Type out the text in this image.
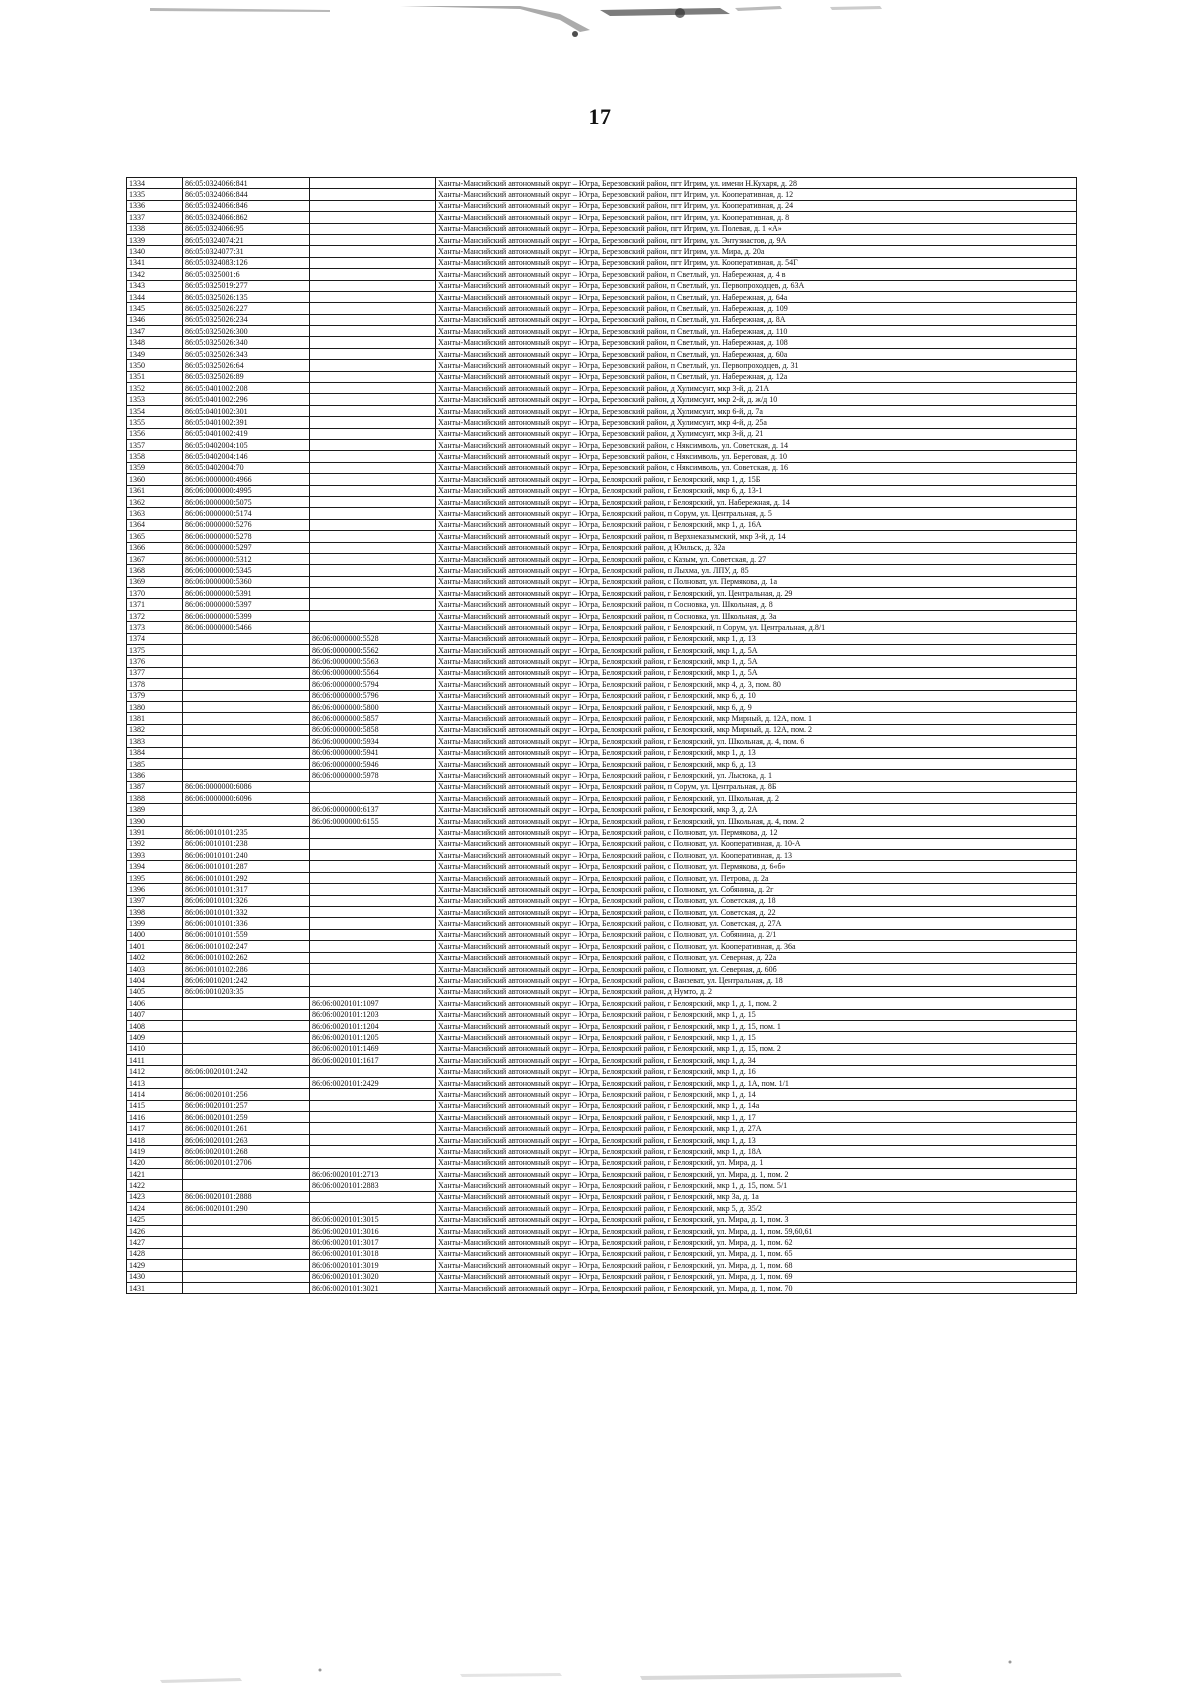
17
1334	86:05:0324066:841		Ханты-Мансийский автономный округ – Югра, Березовский район, пгт Игрим, ул. имени Н.Кухаря, д. 28
1335	86:05:0324066:844		Ханты-Мансийский автономный округ – Югра, Березовский район, пгт Игрим, ул. Кооперативная, д. 12
1336	86:05:0324066:846		Ханты-Мансийский автономный округ – Югра, Березовский район, пгт Игрим, ул. Кооперативная, д. 24
1337	86:05:0324066:862		Ханты-Мансийский автономный округ – Югра, Березовский район, пгт Игрим, ул. Кооперативная, д. 8
1338	86:05:0324066:95		Ханты-Мансийский автономный округ – Югра, Березовский район, пгт Игрим, ул. Полевая, д. 1 «А»
1339	86:05:0324074:21		Ханты-Мансийский автономный округ – Югра, Березовский район, пгт Игрим, ул. Энтузиастов, д. 9А
1340	86:05:0324077:31		Ханты-Мансийский автономный округ – Югра, Березовский район, пгт Игрим, ул. Мира, д. 20а
1341	86:05:0324083:126		Ханты-Мансийский автономный округ – Югра, Березовский район, пгт Игрим, ул. Кооперативная, д. 54Г
1342	86:05:0325001:6		Ханты-Мансийский автономный округ – Югра, Березовский район, п Светлый, ул. Набережная, д. 4 в
1343	86:05:0325019:277		Ханты-Мансийский автономный округ – Югра, Березовский район, п Светлый, ул. Первопроходцев, д. 63А
1344	86:05:0325026:135		Ханты-Мансийский автономный округ – Югра, Березовский район, п Светлый, ул. Набережная, д. 64а
1345	86:05:0325026:227		Ханты-Мансийский автономный округ – Югра, Березовский район, п Светлый, ул. Набережная, д. 109
1346	86:05:0325026:234		Ханты-Мансийский автономный округ – Югра, Березовский район, п Светлый, ул. Набережная, д. 8А
1347	86:05:0325026:300		Ханты-Мансийский автономный округ – Югра, Березовский район, п Светлый, ул. Набережная, д. 110
1348	86:05:0325026:340		Ханты-Мансийский автономный округ – Югра, Березовский район, п Светлый, ул. Набережная, д. 108
1349	86:05:0325026:343		Ханты-Мансийский автономный округ – Югра, Березовский район, п Светлый, ул. Набережная, д. 60а
1350	86:05:0325026:64		Ханты-Мансийский автономный округ – Югра, Березовский район, п Светлый, ул. Первопроходцев, д. 31
1351	86:05:0325026:89		Ханты-Мансийский автономный округ – Югра, Березовский район, п Светлый, ул. Набережная, д. 12а
1352	86:05:0401002:208		Ханты-Мансийский автономный округ – Югра, Березовский район, д Хулимсунт, мкр 3-й, д. 21А
1353	86:05:0401002:296		Ханты-Мансийский автономный округ – Югра, Березовский район, д Хулимсунт, мкр 2-й, д. ж/д 10
1354	86:05:0401002:301		Ханты-Мансийский автономный округ – Югра, Березовский район, д Хулимсунт, мкр 6-й, д. 7а
1355	86:05:0401002:391		Ханты-Мансийский автономный округ – Югра, Березовский район, д Хулимсунт, мкр 4-й, д. 25а
1356	86:05:0401002:419		Ханты-Мансийский автономный округ – Югра, Березовский район, д Хулимсунт, мкр 3-й, д. 21
1357	86:05:0402004:105		Ханты-Мансийский автономный округ – Югра, Березовский район, с Няксимволь, ул. Советская, д. 14
1358	86:05:0402004:146		Ханты-Мансийский автономный округ – Югра, Березовский район, с Няксимволь, ул. Береговая, д. 10
1359	86:05:0402004:70		Ханты-Мансийский автономный округ – Югра, Березовский район, с Няксимволь, ул. Советская, д. 16
1360	86:06:0000000:4966		Ханты-Мансийский автономный округ – Югра, Белоярский район, г Белоярский, мкр 1, д. 15Б
1361	86:06:0000000:4995		Ханты-Мансийский автономный округ – Югра, Белоярский район, г Белоярский, мкр 6, д. 13-1
1362	86:06:0000000:5075		Ханты-Мансийский автономный округ – Югра, Белоярский район, г Белоярский, ул. Набережная, д. 14
1363	86:06:0000000:5174		Ханты-Мансийский автономный округ – Югра, Белоярский район, п Сорум, ул. Центральная, д. 5
1364	86:06:0000000:5276		Ханты-Мансийский автономный округ – Югра, Белоярский район, г Белоярский, мкр 1, д. 16А
1365	86:06:0000000:5278		Ханты-Мансийский автономный округ – Югра, Белоярский район, п Верхнеказымский, мкр 3-й, д. 14
1366	86:06:0000000:5297		Ханты-Мансийский автономный округ – Югра, Белоярский район, д Юильск, д. 32а
1367	86:06:0000000:5312		Ханты-Мансийский автономный округ – Югра, Белоярский район, с Казым, ул. Советская, д. 27
1368	86:06:0000000:5345		Ханты-Мансийский автономный округ – Югра, Белоярский район, п Лыхма, ул. ЛПУ, д. 85
1369	86:06:0000000:5360		Ханты-Мансийский автономный округ – Югра, Белоярский район, с Полноват, ул. Пермякова, д. 1а
1370	86:06:0000000:5391		Ханты-Мансийский автономный округ – Югра, Белоярский район, г Белоярский, ул. Центральная, д. 29
1371	86:06:0000000:5397		Ханты-Мансийский автономный округ – Югра, Белоярский район, п Сосновка, ул. Школьная, д. 8
1372	86:06:0000000:5399		Ханты-Мансийский автономный округ – Югра, Белоярский район, п Сосновка, ул. Школьная, д. 3а
1373	86:06:0000000:5466		Ханты-Мансийский автономный округ – Югра, Белоярский район, г Белоярский, п Сорум, ул. Центральная, д.8/1
1374		86:06:0000000:5528	Ханты-Мансийский автономный округ – Югра, Белоярский район, г Белоярский, мкр 1, д. 13
1375		86:06:0000000:5562	Ханты-Мансийский автономный округ – Югра, Белоярский район, г Белоярский, мкр 1, д. 5А
1376		86:06:0000000:5563	Ханты-Мансийский автономный округ – Югра, Белоярский район, г Белоярский, мкр 1, д. 5А
1377		86:06:0000000:5564	Ханты-Мансийский автономный округ – Югра, Белоярский район, г Белоярский, мкр 1, д. 5А
1378		86:06:0000000:5794	Ханты-Мансийский автономный округ – Югра, Белоярский район, г Белоярский, мкр 4, д. 3, пом. 80
1379		86:06:0000000:5796	Ханты-Мансийский автономный округ – Югра, Белоярский район, г Белоярский, мкр 6, д. 10
1380		86:06:0000000:5800	Ханты-Мансийский автономный округ – Югра, Белоярский район, г Белоярский, мкр 6, д. 9
1381		86:06:0000000:5857	Ханты-Мансийский автономный округ – Югра, Белоярский район, г Белоярский, мкр Мирный, д. 12А, пом. 1
1382		86:06:0000000:5858	Ханты-Мансийский автономный округ – Югра, Белоярский район, г Белоярский, мкр Мирный, д. 12А, пом. 2
1383		86:06:0000000:5934	Ханты-Мансийский автономный округ – Югра, Белоярский район, г Белоярский, ул. Школьная, д. 4, пом. 6
1384		86:06:0000000:5941	Ханты-Мансийский автономный округ – Югра, Белоярский район, г Белоярский, мкр 1, д. 13
1385		86:06:0000000:5946	Ханты-Мансийский автономный округ – Югра, Белоярский район, г Белоярский, мкр 6, д. 13
1386		86:06:0000000:5978	Ханты-Мансийский автономный округ – Югра, Белоярский район, г Белоярский, ул. Лысюка, д. 1
1387	86:06:0000000:6086		Ханты-Мансийский автономный округ – Югра, Белоярский район, п Сорум, ул. Центральная, д. 8Б
1388	86:06:0000000:6096		Ханты-Мансийский автономный округ – Югра, Белоярский район, г Белоярский, ул. Школьная, д. 2
1389		86:06:0000000:6137	Ханты-Мансийский автономный округ – Югра, Белоярский район, г Белоярский, мкр 3, д. 2А
1390		86:06:0000000:6155	Ханты-Мансийский автономный округ – Югра, Белоярский район, г Белоярский, ул. Школьная, д. 4, пом. 2
1391	86:06:0010101:235		Ханты-Мансийский автономный округ – Югра, Белоярский район, с Полноват, ул. Пермякова, д. 12
1392	86:06:0010101:238		Ханты-Мансийский автономный округ – Югра, Белоярский район, с Полноват, ул. Кооперативная, д. 10-А
1393	86:06:0010101:240		Ханты-Мансийский автономный округ – Югра, Белоярский район, с Полноват, ул. Кооперативная, д. 13
1394	86:06:0010101:287		Ханты-Мансийский автономный округ – Югра, Белоярский район, с Полноват, ул. Пермякова, д. 6«б»
1395	86:06:0010101:292		Ханты-Мансийский автономный округ – Югра, Белоярский район, с Полноват, ул. Петрова, д. 2а
1396	86:06:0010101:317		Ханты-Мансийский автономный округ – Югра, Белоярский район, с Полноват, ул. Собянина, д. 2г
1397	86:06:0010101:326		Ханты-Мансийский автономный округ – Югра, Белоярский район, с Полноват, ул. Советская, д. 18
1398	86:06:0010101:332		Ханты-Мансийский автономный округ – Югра, Белоярский район, с Полноват, ул. Советская, д. 22
1399	86:06:0010101:336		Ханты-Мансийский автономный округ – Югра, Белоярский район, с Полноват, ул. Советская, д. 27А
1400	86:06:0010101:559		Ханты-Мансийский автономный округ – Югра, Белоярский район, с Полноват, ул. Собянина, д. 2/1
1401	86:06:0010102:247		Ханты-Мансийский автономный округ – Югра, Белоярский район, с Полноват, ул. Кооперативная, д. 36а
1402	86:06:0010102:262		Ханты-Мансийский автономный округ – Югра, Белоярский район, с Полноват, ул. Северная, д. 22а
1403	86:06:0010102:286		Ханты-Мансийский автономный округ – Югра, Белоярский район, с Полноват, ул. Северная, д. 60б
1404	86:06:0010201:242		Ханты-Мансийский автономный округ – Югра, Белоярский район, с Ванзеват, ул. Центральная, д. 18
1405	86:06:0010203:35		Ханты-Мансийский автономный округ – Югра, Белоярский район, д Нумто, д. 2
1406		86:06:0020101:1097	Ханты-Мансийский автономный округ – Югра, Белоярский район, г Белоярский, мкр 1, д. 1, пом. 2
1407		86:06:0020101:1203	Ханты-Мансийский автономный округ – Югра, Белоярский район, г Белоярский, мкр 1, д. 15
1408		86:06:0020101:1204	Ханты-Мансийский автономный округ – Югра, Белоярский район, г Белоярский, мкр 1, д. 15, пом. 1
1409		86:06:0020101:1205	Ханты-Мансийский автономный округ – Югра, Белоярский район, г Белоярский, мкр 1, д. 15
1410		86:06:0020101:1469	Ханты-Мансийский автономный округ – Югра, Белоярский район, г Белоярский, мкр 1, д. 15, пом. 2
1411		86:06:0020101:1617	Ханты-Мансийский автономный округ – Югра, Белоярский район, г Белоярский, мкр 1, д. 34
1412	86:06:0020101:242		Ханты-Мансийский автономный округ – Югра, Белоярский район, г Белоярский, мкр 1, д. 16
1413		86:06:0020101:2429	Ханты-Мансийский автономный округ – Югра, Белоярский район, г Белоярский, мкр 1, д. 1А, пом. 1/1
1414	86:06:0020101:256		Ханты-Мансийский автономный округ – Югра, Белоярский район, г Белоярский, мкр 1, д. 14
1415	86:06:0020101:257		Ханты-Мансийский автономный округ – Югра, Белоярский район, г Белоярский, мкр 1, д. 14а
1416	86:06:0020101:259		Ханты-Мансийский автономный округ – Югра, Белоярский район, г Белоярский, мкр 1, д. 17
1417	86:06:0020101:261		Ханты-Мансийский автономный округ – Югра, Белоярский район, г Белоярский, мкр 1, д. 27А
1418	86:06:0020101:263		Ханты-Мансийский автономный округ – Югра, Белоярский район, г Белоярский, мкр 1, д. 13
1419	86:06:0020101:268		Ханты-Мансийский автономный округ – Югра, Белоярский район, г Белоярский, мкр 1, д. 18А
1420	86:06:0020101:2706		Ханты-Мансийский автономный округ – Югра, Белоярский район, г Белоярский, ул. Мира, д. 1
1421		86:06:0020101:2713	Ханты-Мансийский автономный округ – Югра, Белоярский район, г Белоярский, ул. Мира, д. 1, пом. 2
1422		86:06:0020101:2883	Ханты-Мансийский автономный округ – Югра, Белоярский район, г Белоярский, мкр 1, д. 15, пом. 5/1
1423	86:06:0020101:2888		Ханты-Мансийский автономный округ – Югра, Белоярский район, г Белоярский, мкр 3а, д. 1а
1424	86:06:0020101:290		Ханты-Мансийский автономный округ – Югра, Белоярский район, г Белоярский, мкр 5, д. 35/2
1425		86:06:0020101:3015	Ханты-Мансийский автономный округ – Югра, Белоярский район, г Белоярский, ул. Мира, д. 1, пом. 3
1426		86:06:0020101:3016	Ханты-Мансийский автономный округ – Югра, Белоярский район, г Белоярский, ул. Мира, д. 1, пом. 59,60,61
1427		86:06:0020101:3017	Ханты-Мансийский автономный округ – Югра, Белоярский район, г Белоярский, ул. Мира, д. 1, пом. 62
1428		86:06:0020101:3018	Ханты-Мансийский автономный округ – Югра, Белоярский район, г Белоярский, ул. Мира, д. 1, пом. 65
1429		86:06:0020101:3019	Ханты-Мансийский автономный округ – Югра, Белоярский район, г Белоярский, ул. Мира, д. 1, пом. 68
1430		86:06:0020101:3020	Ханты-Мансийский автономный округ – Югра, Белоярский район, г Белоярский, ул. Мира, д. 1, пом. 69
1431		86:06:0020101:3021	Ханты-Мансийский автономный округ – Югра, Белоярский район, г Белоярский, ул. Мира, д. 1, пом. 70
